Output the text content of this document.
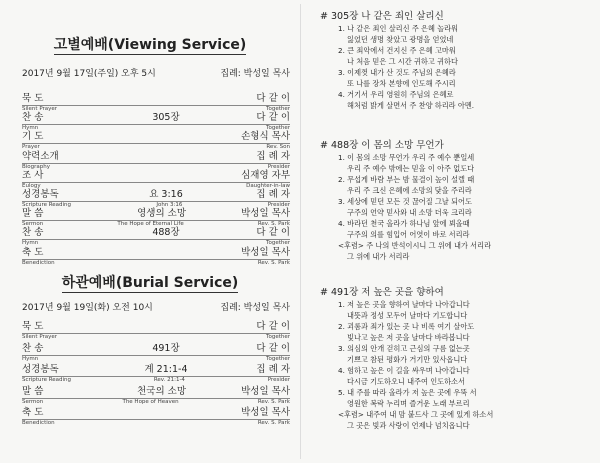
고별예배(Viewing Service)
2017년 9월 17일(주일) 오후 5시	집례: 박성일 목사
묵 도	다 같 이
Silent Prayer	Together
찬 송	305장	다 같 이
Hymn	Together
기 도	손형식 목사
Prayer	Rev. Son
약력소개	집 례 자
Biography	Presider
조 사	심재영 자부
Eulogy	Daughter-in-law
성경봉독	요 3:16	집 례 자
Scripture Reading	John 3:16	Presider
말 씀	영생의 소망	박성일 목사
Sermon	The Hope of Eternal Life	Rev. S. Park
찬 송	488장	다 같 이
Hymn	Together
축 도	박성일 목사
Benediction	Rev. S. Park
하관예배(Burial Service)
2017년 9월 19일(화) 오전 10시	집례: 박성일 목사
묵 도	다 같 이
Silent Prayer	Together
찬 송	491장	다 같 이
Hymn	Together
성경봉독	계 21:1-4	집 례 자
Scripture Reading	Rev. 21:1-4	Presider
말 씀	천국의 소망	박성일 목사
Sermon	The Hope of Heaven	Rev. S. Park
축 도	박성일 목사
Benediction	Rev. S. Park
# 305장 나 같은 죄인 살리신
1. 나 같은 죄인 살리신 주 은혜 놀라워
잃었던 생명 찾았고 광명을 얻었네
2. 큰 죄악에서 건지신 주 은혜 고마워
나 처음 믿은 그 시간 귀하고 귀하다
3. 이제껏 내가 산 것도 주님의 은혜라
또 나를 장차 본향에 인도해 주시리
4. 거기서 우리 영원히 주님의 은혜로
해처럼 밝게 살면서 주 찬양 하리라 아멘.
# 488장 이 몸의 소망 무언가
1. 이 몸의 소망 무언가 우리 주 예수 뿐일세
우리 주 예수 밖에는 믿을 이 아주 없도다
2. 무섭게 바람 부는 밤 물결이 높이 설렐 때
우리 주 크신 은혜에 소망의 닻을 주리라
3. 세상에 믿던 모든 것 끊어질 그날 되어도
구주의 언약 믿사와 내 소망 더욱 크리라
4. 바라던 천국 올라가 하나님 앞에 뵈올때
구주의 의를 힘입어 어엿이 바로 서리라
<후렴> 주 나의 반석이시니 그 위에 내가 서리라
그 위에 내가 서리라
# 491장 저 높은 곳을 향하여
1. 저 높은 곳을 향하여 날마다 나아갑니다
내뜻과 정성 모두어 날마다 기도합니다
2. 괴롬과 죄가 있는 곳 나 비록 여기 살아도
빛나고 높은 저 곳을 날마다 바라봅니다
3. 의심의 안개 걷히고 근심의 구름 없는곳
기쁘고 참된 평화가 거기만 있사옵니다
4. 험하고 높은 이 길을 싸우며 나아갑니다
다시금 기도하오니 내주여 인도하소서
5. 내 주를 따라 올라가 저 높은 곳에 우뚝 서
영원한 복락 누리며 즐거운 노래 부르리
<후렴> 내주여 내 맘 붙드사 그 곳에 있게 하소서
그 곳은 빛과 사랑이 언제나 넘치옵니다
